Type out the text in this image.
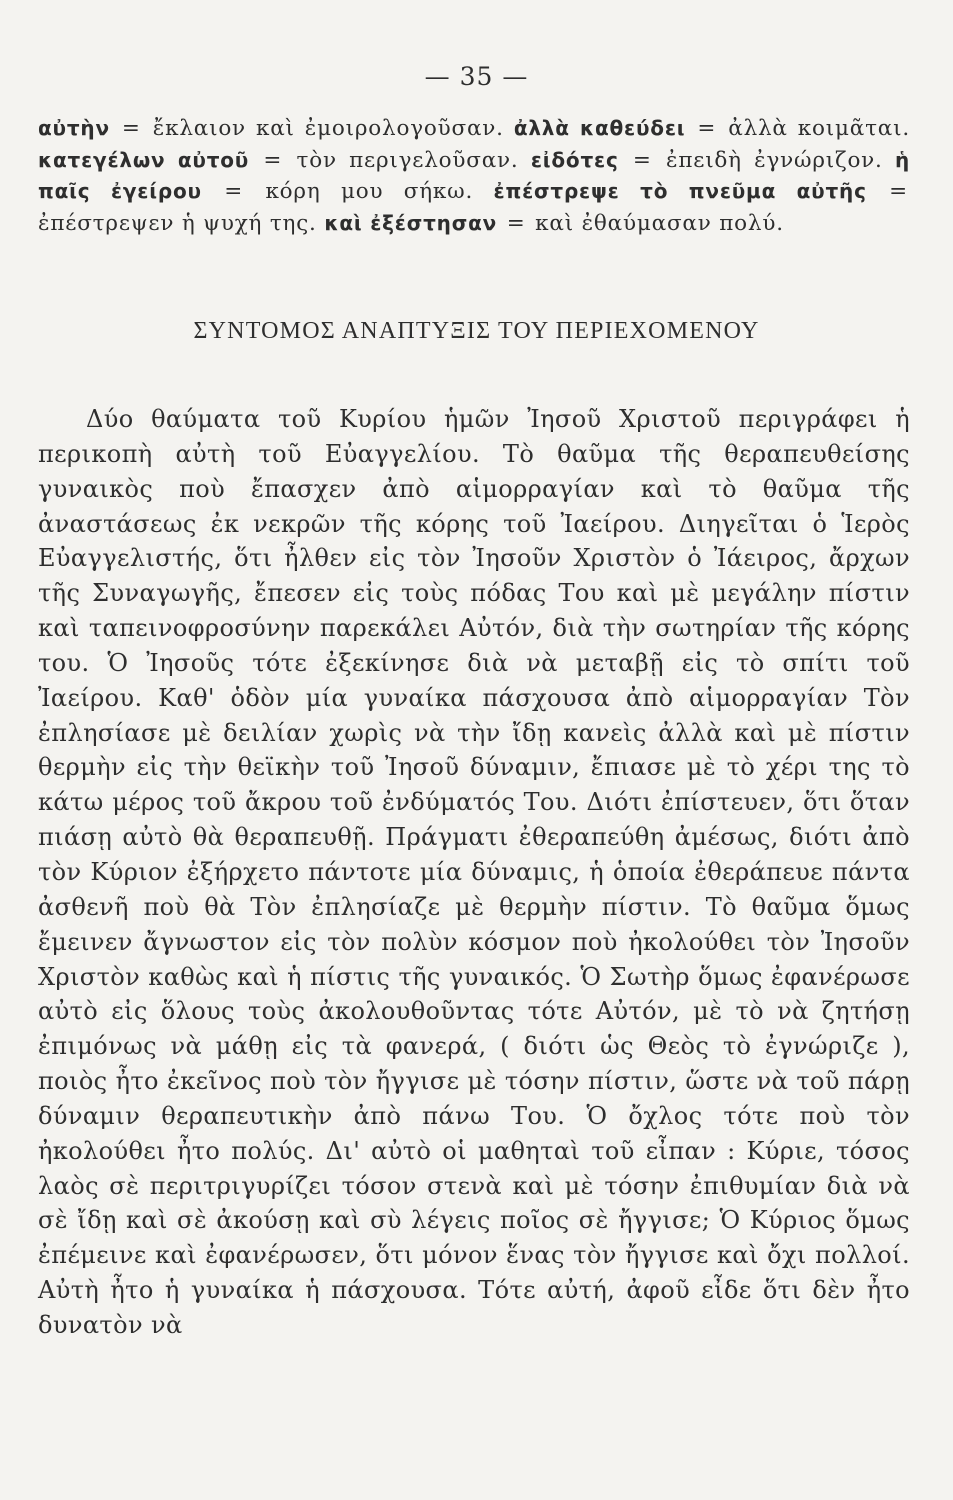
— 35 —
αὐτὴν = ἔκλαιον καὶ ἐμοιρολογοῦσαν. ἀλλὰ καθεύδει = ἀλλὰ κοιμᾶται. κατεγέλων αὐτοῦ = τὸν περιγελοῦσαν. εἰδότες = ἐπειδὴ ἐγνώριζον. ἡ παῖς ἐγείρου = κόρη μου σήκω. ἐπέστρεψε τὸ πνεῦμα αὐτῆς = ἐπέστρεψεν ἡ ψυχή της. καὶ ἐξέστησαν = καὶ ἐθαύμασαν πολύ.
ΣΥΝΤΟΜΟΣ ΑΝΑΠΤΥΞΙΣ ΤΟΥ ΠΕΡΙΕΧΟΜΕΝΟΥ

Δύο θαύματα τοῦ Κυρίου ἡμῶν Ἰησοῦ Χριστοῦ περιγράφει ἡ περικοπὴ αὐτὴ τοῦ Εὐαγγελίου. Τὸ θαῦμα τῆς θεραπευθείσης γυναικὸς ποὺ ἔπασχεν ἀπὸ αἱμορραγίαν καὶ τὸ θαῦμα τῆς ἀναστάσεως ἐκ νεκρῶν τῆς κόρης τοῦ Ἰαείρου. Διηγεῖται ὁ Ἱερὸς Εὐαγγελιστής, ὅτι ἦλθεν εἰς τὸν Ἰησοῦν Χριστὸν ὁ Ἰάειρος, ἄρχων τῆς Συναγωγῆς, ἔπεσεν εἰς τοὺς πόδας Του καὶ μὲ μεγάλην πίστιν καὶ ταπεινοφροσύνην παρεκάλει Αὐτόν, διὰ τὴν σωτηρίαν τῆς κόρης του. Ὁ Ἰησοῦς τότε ἐξεκίνησε διὰ νὰ μεταβῇ εἰς τὸ σπίτι τοῦ Ἰαείρου. Καθ' ὁδὸν μία γυναίκα πάσχουσα ἀπὸ αἱμορραγίαν Τὸν ἐπλησίασε μὲ δειλίαν χωρὶς νὰ τὴν ἴδῃ κανεὶς ἀλλὰ καὶ μὲ πίστιν θερμὴν εἰς τὴν θεϊκὴν τοῦ Ἰησοῦ δύναμιν, ἔπιασε μὲ τὸ χέρι της τὸ κάτω μέρος τοῦ ἄκρου τοῦ ἐνδύματός Του. Διότι ἐπίστευεν, ὅτι ὅταν πιάσῃ αὐτὸ θὰ θεραπευθῇ. Πράγματι ἐθεραπεύθη ἀμέσως, διότι ἀπὸ τὸν Κύριον ἐξήρχετο πάντοτε μία δύναμις, ἡ ὁποία ἐθεράπευε πάντα ἀσθενῆ ποὺ θὰ Τὸν ἐπλησίαζε μὲ θερμὴν πίστιν. Τὸ θαῦμα ὅμως ἔμεινεν ἄγνωστον εἰς τὸν πολὺν κόσμον ποὺ ἠκολούθει τὸν Ἰησοῦν Χριστὸν καθὼς καὶ ἡ πίστις τῆς γυναικός. Ὁ Σωτὴρ ὅμως ἐφανέρωσε αὐτὸ εἰς ὅλους τοὺς ἀκολουθοῦντας τότε Αὐτόν, μὲ τὸ νὰ ζητήσῃ ἐπιμόνως νὰ μάθῃ εἰς τὰ φανερά, ( διότι ὡς Θεὸς τὸ ἐγνώριζε ), ποιὸς ἦτο ἐκεῖνος ποὺ τὸν ἤγγισε μὲ τόσην πίστιν, ὥστε νὰ τοῦ πάρῃ δύναμιν θεραπευτικὴν ἀπὸ πάνω Του. Ὁ ὄχλος τότε ποὺ τὸν ἠκολούθει ἦτο πολύς. Δι' αὐτὸ οἱ μαθηταὶ τοῦ εἶπαν : Κύριε, τόσος λαὸς σὲ περιτριγυρίζει τόσον στενὰ καὶ μὲ τόσην ἐπιθυμίαν διὰ νὰ σὲ ἴδῃ καὶ σὲ ἀκούσῃ καὶ σὺ λέγεις ποῖος σὲ ἤγγισε; Ὁ Κύριος ὅμως ἐπέμεινε καὶ ἐφανέρωσεν, ὅτι μόνον ἕνας τὸν ἤγγισε καὶ ὄχι πολλοί. Αὐτὴ ἦτο ἡ γυναίκα ἡ πάσχουσα. Τότε αὐτή, ἀφοῦ εἶδε ὅτι δὲν ἦτο δυνατὸν νὰ
